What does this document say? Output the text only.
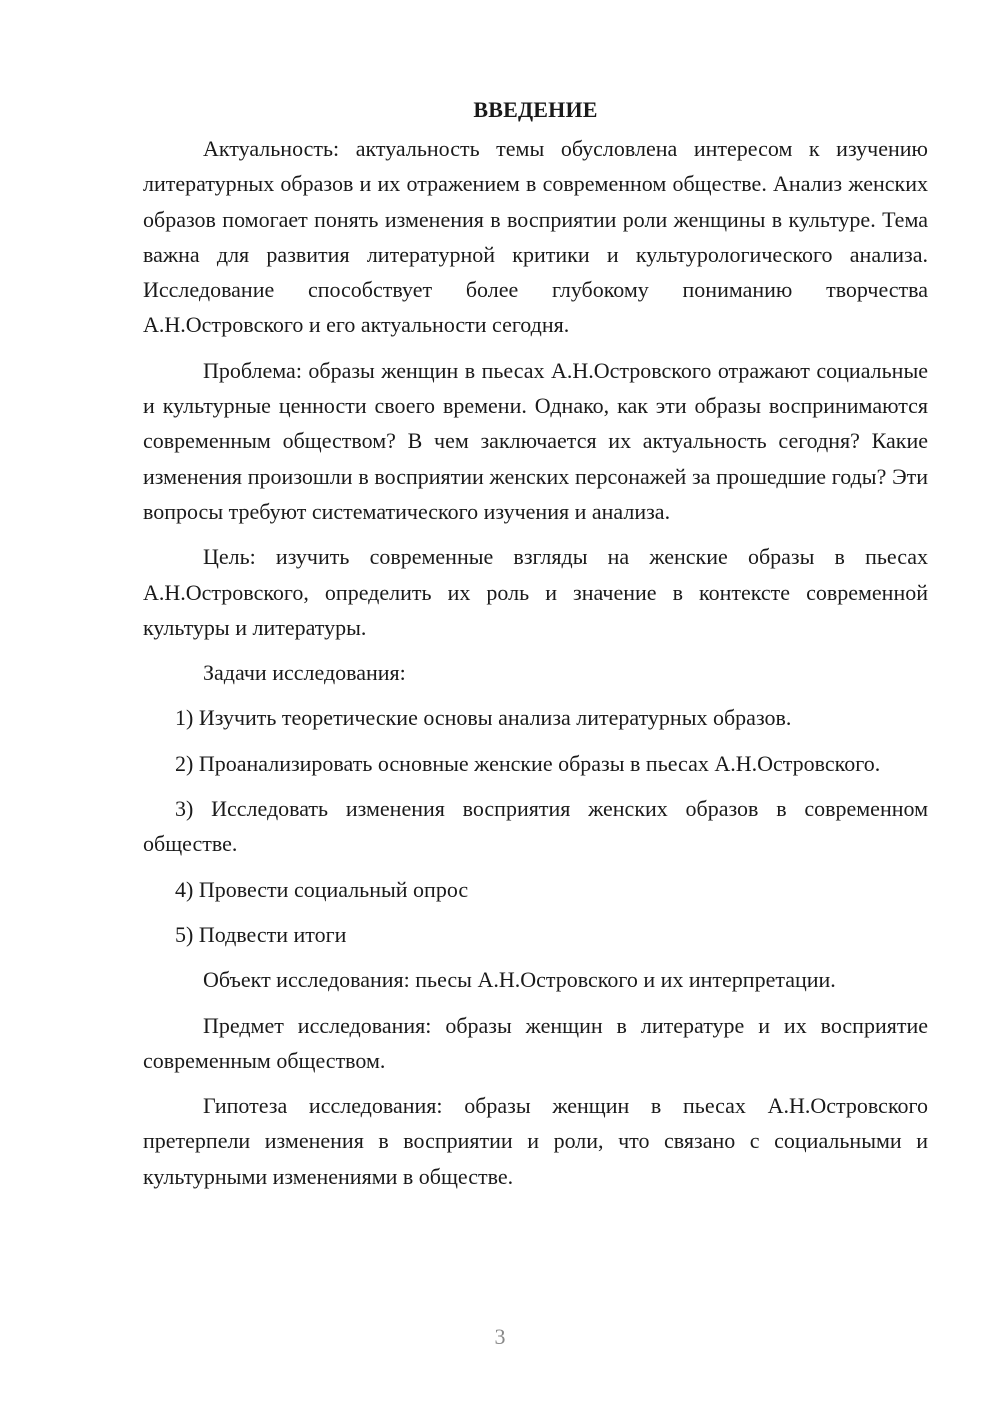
ВВЕДЕНИЕ

Актуальность: актуальность темы обусловлена интересом к изучению литературных образов и их отражением в современном обществе. Анализ женских образов помогает понять изменения в восприятии роли женщины в культуре. Тема важна для развития литературной критики и культурологического анализа. Исследование способствует более глубокому пониманию творчества А.Н.Островского и его актуальности сегодня.

Проблема: образы женщин в пьесах А.Н.Островского отражают социальные и культурные ценности своего времени. Однако, как эти образы воспринимаются современным обществом? В чем заключается их актуальность сегодня? Какие изменения произошли в восприятии женских персонажей за прошедшие годы? Эти вопросы требуют систематического изучения и анализа.

Цель: изучить современные взгляды на женские образы в пьесах А.Н.Островского, определить их роль и значение в контексте современной культуры и литературы.

Задачи исследования:

1) Изучить теоретические основы анализа литературных образов.

2) Проанализировать основные женские образы в пьесах А.Н.Островского.

3) Исследовать изменения восприятия женских образов в современном обществе.

4) Провести социальный опрос

5) Подвести итоги

Объект исследования: пьесы А.Н.Островского и их интерпретации.

Предмет исследования: образы женщин в литературе и их восприятие современным обществом.

Гипотеза исследования: образы женщин в пьесах А.Н.Островского претерпели изменения в восприятии и роли, что связано с социальными и культурными изменениями в обществе.

3
